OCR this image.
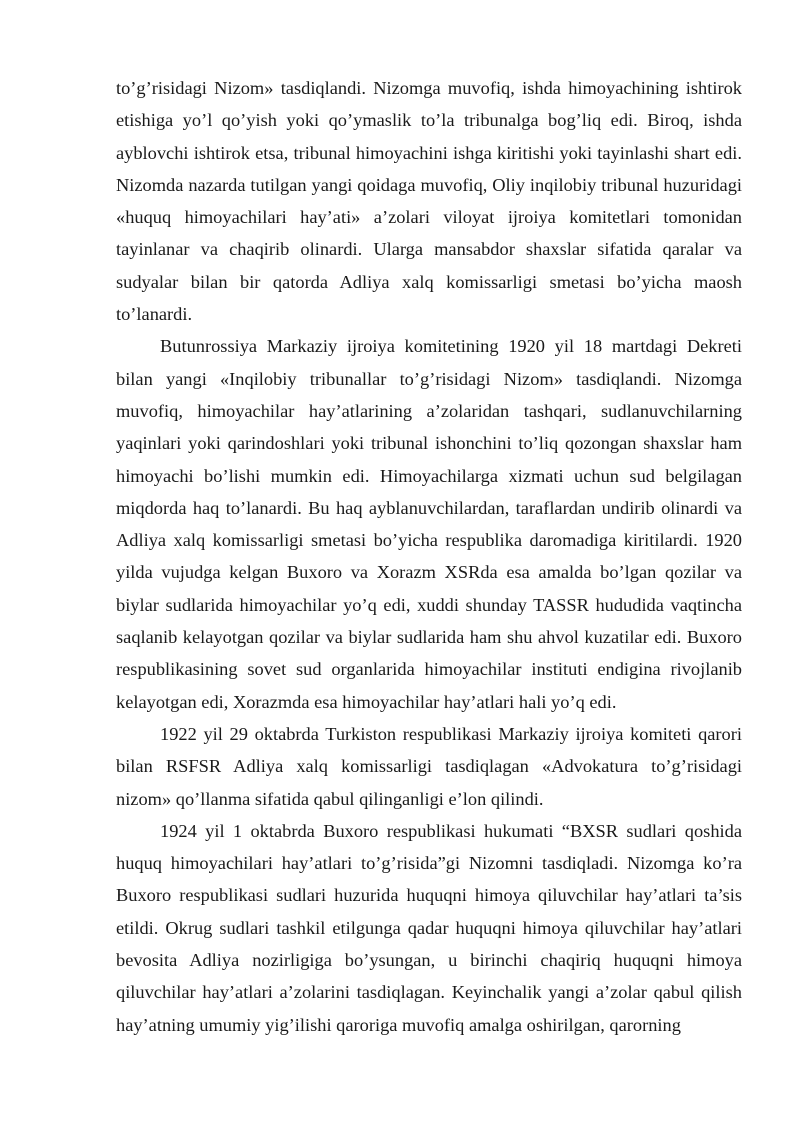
to’g’risidagi Nizom» tasdiqlandi. Nizomga muvofiq, ishda himoyachining ishtirok etishiga yo’l qo’yish yoki qo’ymaslik to’la tribunalga bog’liq edi. Biroq, ishda ayblovchi ishtirok etsa, tribunal himoyachini ishga kiritishi yoki tayinlashi shart edi. Nizomda nazarda tutilgan yangi qoidaga muvofiq, Oliy inqilobiy tribunal huzuridagi «huquq himoyachilari hay’ati» a’zolari viloyat ijroiya komitetlari tomonidan tayinlanar va chaqirib olinardi. Ularga mansabdor shaxslar sifatida qaralar va sudyalar bilan bir qatorda Adliya xalq komissarligi smetasi bo’yicha maosh to’lanardi.

Butunrossiya Markaziy ijroiya komitetining 1920 yil 18 martdagi Dekreti bilan yangi «Inqilobiy tribunallar to’g’risidagi Nizom» tasdiqlandi. Nizomga muvofiq, himoyachilar hay’atlarining a’zolaridan tashqari, sudlanuvchilarning yaqinlari yoki qarindoshlari yoki tribunal ishonchini to’liq qozongan shaxslar ham himoyachi bo’lishi mumkin edi. Himoyachilarga xizmati uchun sud belgilagan miqdorda haq to’lanardi. Bu haq ayblanuvchilardan, taraflardan undirib olinardi va Adliya xalq komissarligi smetasi bo’yicha respublika daromadiga kiritilardi. 1920 yilda vujudga kelgan Buxoro va Xorazm XSRda esa amalda bo’lgan qozilar va biylar sudlarida himoyachilar yo’q edi, xuddi shunday TASSR hududida vaqtincha saqlanib kelayotgan qozilar va biylar sudlarida ham shu ahvol kuzatilar edi. Buxoro respublikasining sovet sud organlarida himoyachilar instituti endigina rivojlanib kelayotgan edi, Xorazmda esa himoyachilar hay’atlari hali yo’q edi.

1922 yil 29 oktabrda Turkiston respublikasi Markaziy ijroiya komiteti qarori bilan RSFSR Adliya xalq komissarligi tasdiqlagan «Advokatura to’g’risidagi nizom» qo’llanma sifatida qabul qilinganligi e’lon qilindi.

1924 yil 1 oktabrda Buxoro respublikasi hukumati “BXSR sudlari qoshida huquq himoyachilari hay’atlari to’g’risida”gi Nizomni tasdiqladi. Nizomga ko’ra Buxoro respublikasi sudlari huzurida huquqni himoya qiluvchilar hay’atlari ta’sis etildi. Okrug sudlari tashkil etilgunga qadar huquqni himoya qiluvchilar hay’atlari bevosita Adliya nozirligiga bo’ysungan, u birinchi chaqiriq huquqni himoya qiluvchilar hay’atlari a’zolarini tasdiqlagan. Keyinchalik yangi a’zolar qabul qilish hay’atning umumiy yig’ilishi qaroriga muvofiq amalga oshirilgan, qarorning
